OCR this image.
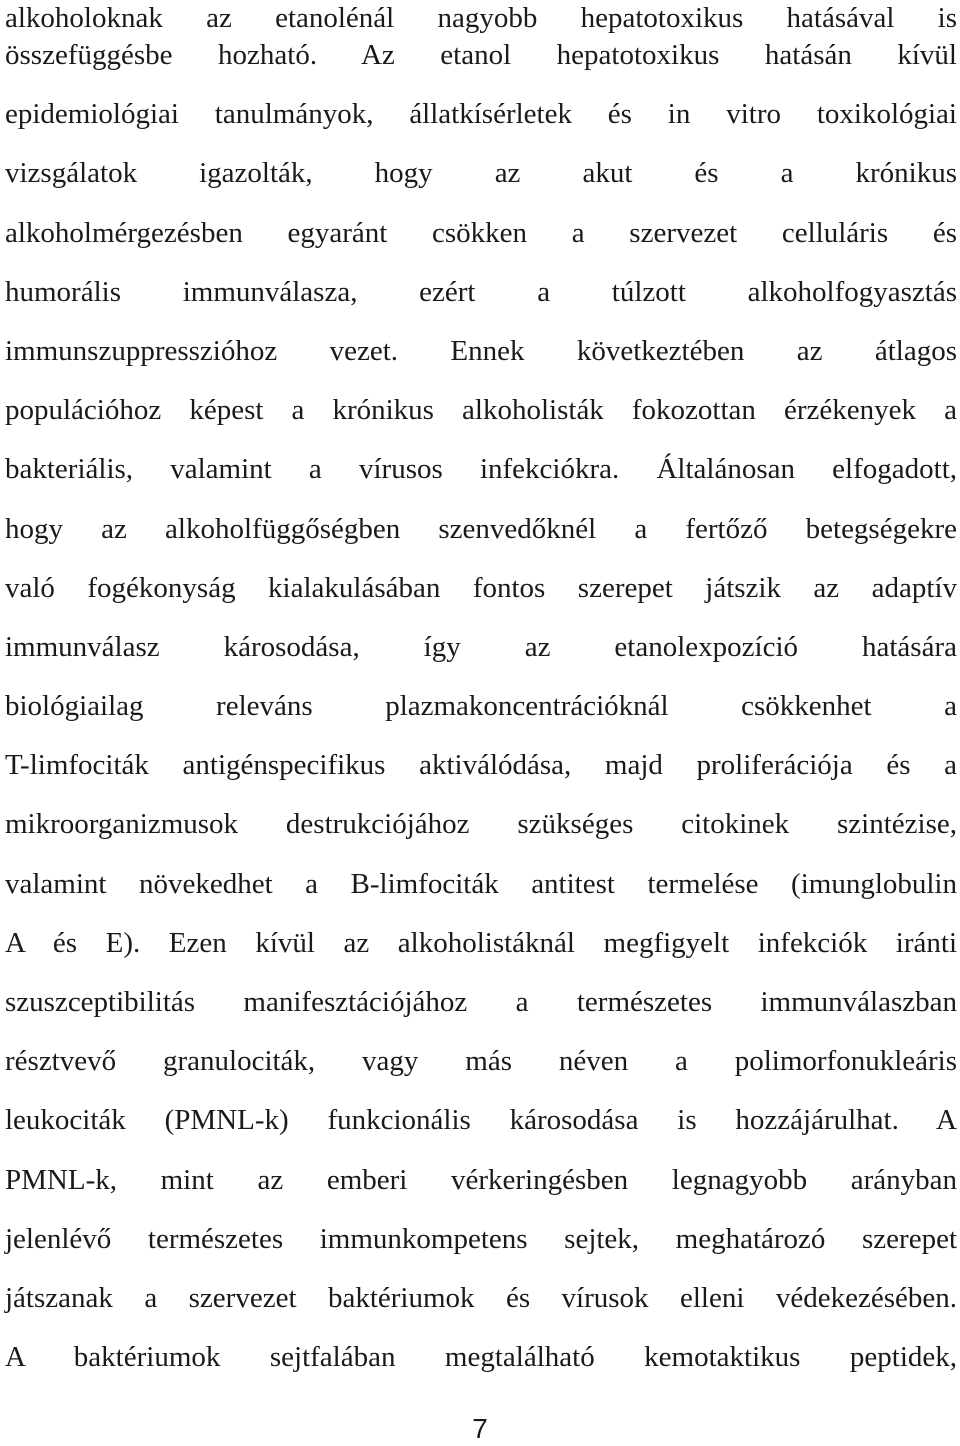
alkoholoknak az etanolénál nagyobb hepatotoxikus hatásával is
összefüggésbe hozható. Az etanol hepatotoxikus hatásán kívül
epidemiológiai tanulmányok, állatkísérletek és in vitro toxikológiai
vizsgálatok igazolták, hogy az akut és a krónikus
alkoholmérgezésben egyaránt csökken a szervezet celluláris és
humorális immunválasza, ezért a túlzott alkoholfogyasztás
immunszuppresszióhoz vezet. Ennek következtében az átlagos
populációhoz képest a krónikus alkoholisták fokozottan érzékenyek a
bakteriális, valamint a vírusos infekciókra. Általánosan elfogadott,
hogy az alkoholfüggőségben szenvedőknél a fertőző betegségekre
való fogékonyság kialakulásában fontos szerepet játszik az adaptív
immunválasz károsodása, így az etanolexpozíció hatására
biológiailag releváns plazmakoncentrációknál csökkenhet a
T-limfociták antigénspecifikus aktiválódása, majd proliferációja és a
mikroorganizmusok destrukciójához szükséges citokinek szintézise,
valamint növekedhet a B-limfociták antitest termelése (imunglobulin
A és E). Ezen kívül az alkoholistáknál megfigyelt infekciók iránti
szuszceptibilitás manifesztációjához a természetes immunválaszban
résztvevő granulociták, vagy más néven a polimorfonukleáris
leukociták (PMNL-k) funkcionális károsodása is hozzájárulhat. A
PMNL-k, mint az emberi vérkeringésben legnagyobb arányban
jelenlévő természetes immunkompetens sejtek, meghatározó szerepet
játszanak a szervezet baktériumok és vírusok elleni védekezésében.
A baktériumok sejtfalában megtalálható kemotaktikus peptidek,
7
